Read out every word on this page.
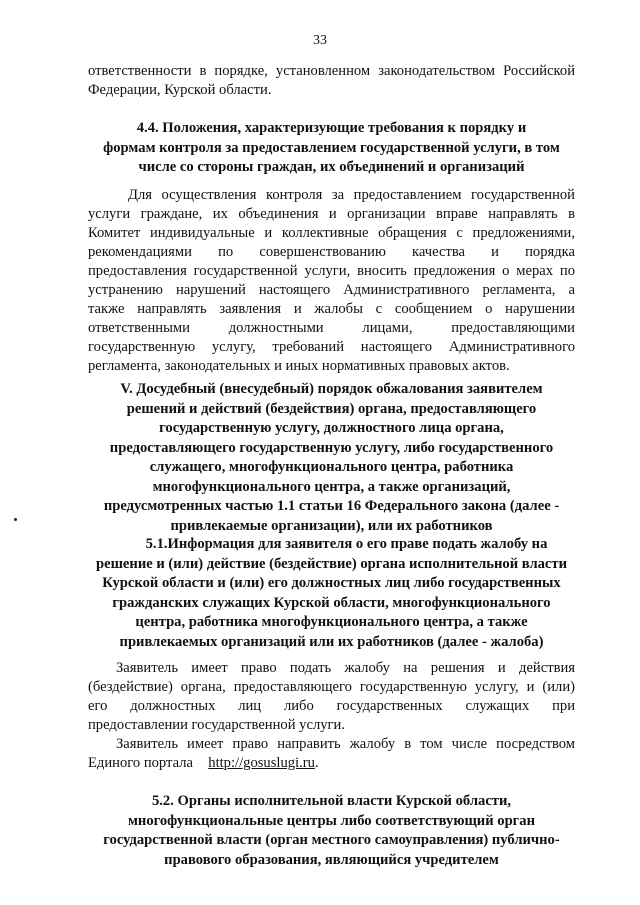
33
ответственности в порядке, установленном законодательством Российской
Федерации, Курской области.
4.4. Положения, характеризующие требования к порядку и
формам контроля за предоставлением государственной услуги, в том
числе со стороны граждан, их объединений и организаций
Для осуществления контроля за предоставлением государственной
услуги граждане, их объединения и организации вправе направлять в
Комитет индивидуальные и коллективные обращения с предложениями,
рекомендациями по совершенствованию качества и порядка
предоставления государственной услуги, вносить предложения о мерах по
устранению нарушений настоящего Административного регламента, а
также направлять заявления и жалобы с сообщением о нарушении
ответственными должностными лицами, предоставляющими
государственную услугу, требований настоящего Административного
регламента, законодательных и иных нормативных правовых актов.
V. Досудебный (внесудебный) порядок обжалования заявителем
решений и действий (бездействия) органа, предоставляющего
государственную услугу, должностного лица органа,
предоставляющего государственную услугу, либо государственного
служащего, многофункционального центра, работника
многофункционального центра, а также организаций,
предусмотренных частью 1.1 статьи 16 Федерального закона (далее -
привлекаемые организации), или их работников
5.1.Информация для заявителя о его праве подать жалобу на
решение и (или) действие (бездействие) органа исполнительной власти
Курской области и (или) его должностных лиц либо государственных
гражданских служащих Курской области, многофункционального
центра, работника многофункционального центра, а также
привлекаемых организаций или их работников (далее - жалоба)
Заявитель имеет право подать жалобу на решения и действия
(бездействие) органа, предоставляющего государственную услугу, и (или)
его должностных лиц либо государственных служащих при
предоставлении государственной услуги.
Заявитель имеет право направить жалобу в том числе посредством
Единого портала http://gosuslugi.ru.
5.2. Органы исполнительной власти Курской области,
многофункциональные центры либо соответствующий орган
государственной власти (орган местного самоуправления) публично-
правового образования, являющийся учредителем
